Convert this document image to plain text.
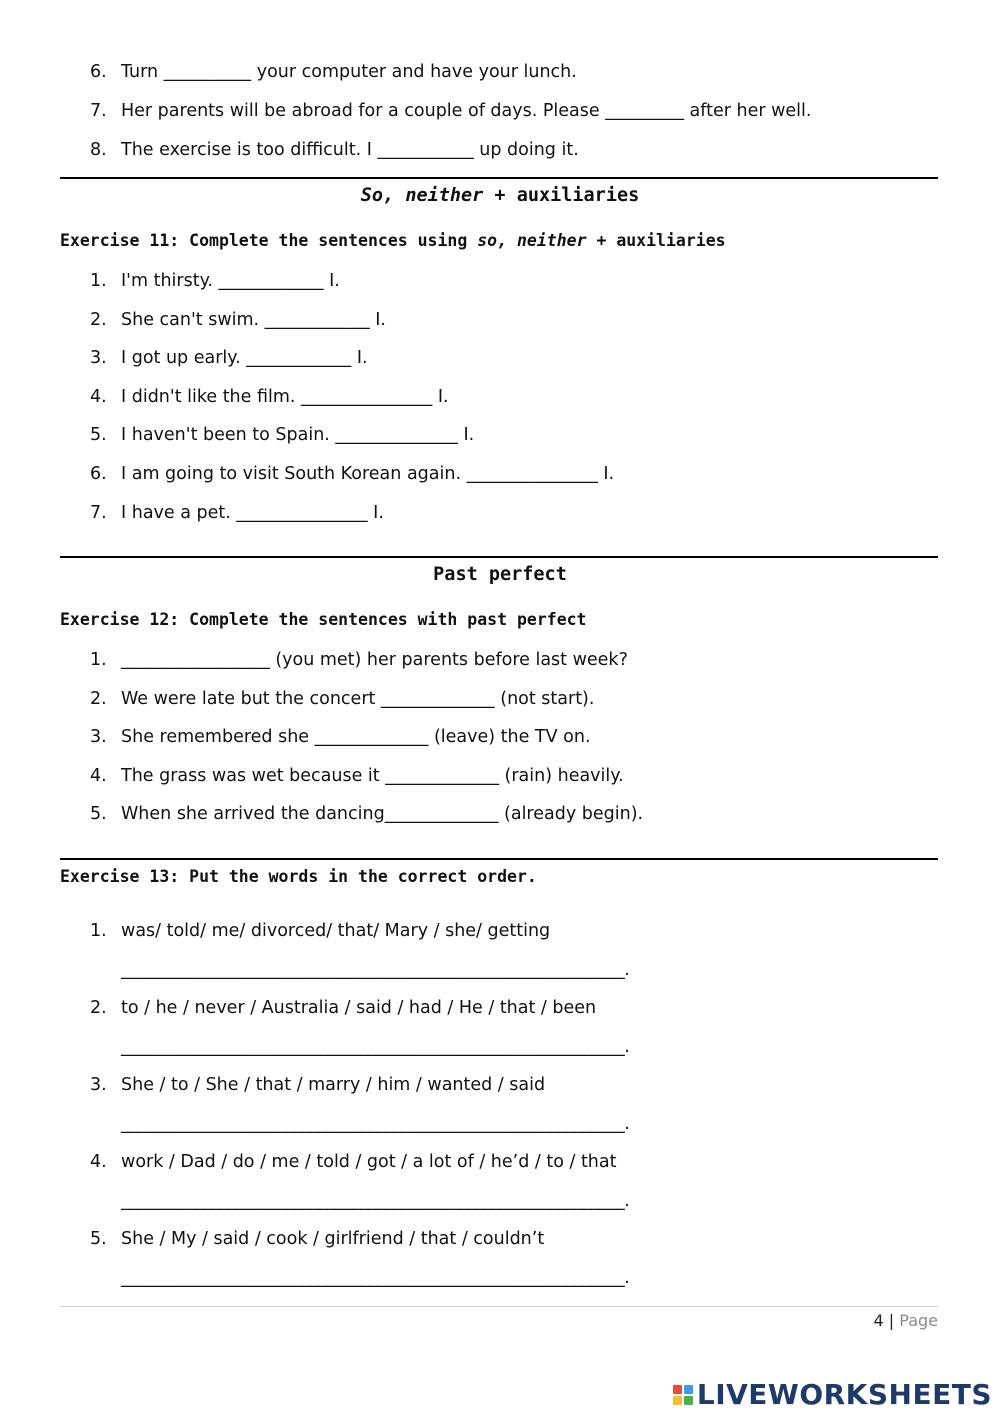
6. Turn __________ your computer and have your lunch.
7. Her parents will be abroad for a couple of days. Please _________ after her well.
8. The exercise is too difficult. I ___________ up doing it.
So, neither + auxiliaries
Exercise 11: Complete the sentences using so, neither + auxiliaries
1. I'm thirsty. ____________ I.
2. She can't swim. ____________ I.
3. I got up early. ____________ I.
4. I didn't like the film. _______________ I.
5. I haven't been to Spain. ______________ I.
6. I am going to visit South Korean again. _______________ I.
7. I have a pet. _______________ I.
Past perfect
Exercise 12: Complete the sentences with past perfect
1. _________________ (you met) her parents before last week?
2. We were late but the concert _____________ (not start).
3. She remembered she _____________ (leave) the TV on.
4. The grass was wet because it _____________ (rain) heavily.
5. When she arrived the dancing_____________ (already begin).
Exercise 13: Put the words in the correct order.
1. was/ told/ me/ divorced/ that/ Mary / she/ getting
_____________________________________________________________.
2. to / he / never / Australia / said / had / He / that / been
_____________________________________________________________.
3. She / to / She / that / marry / him / wanted / said
_____________________________________________________________.
4. work / Dad / do / me / told / got / a lot of / he’d / to / that
_____________________________________________________________.
5. She / My / said / cook / girlfriend / that / couldn’t
_____________________________________________________________.
4 | Page
LIVEWORKSHEETS
